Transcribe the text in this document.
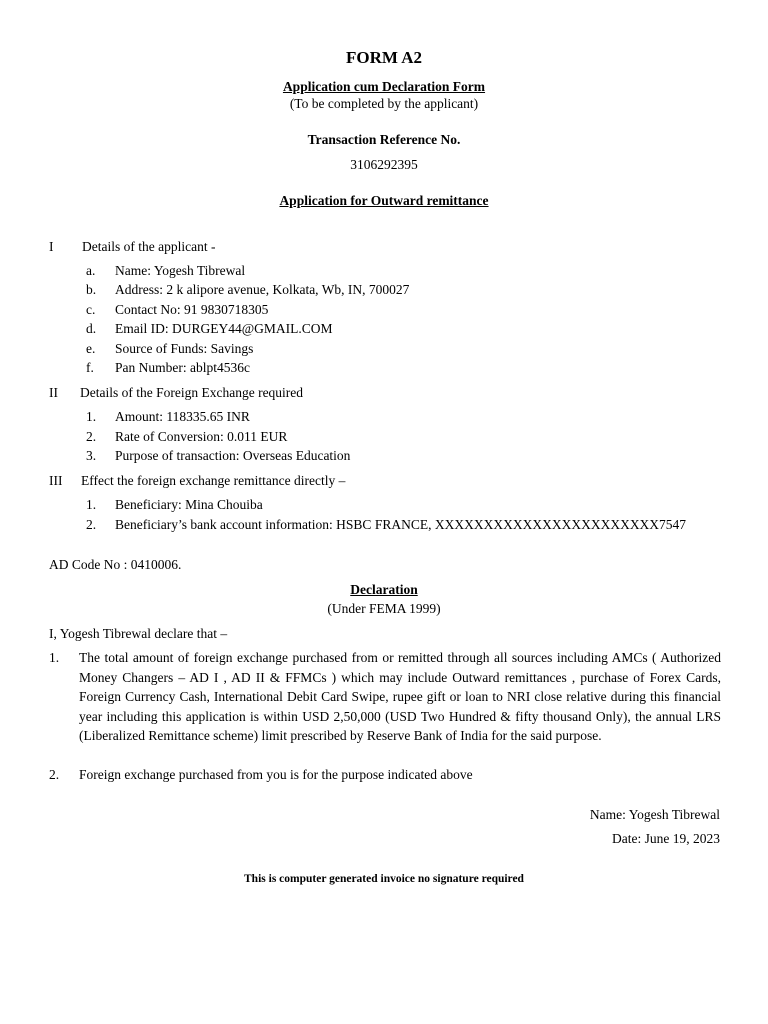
FORM A2
Application cum Declaration Form
(To be completed by the applicant)
Transaction Reference No.
3106292395
Application for Outward remittance
I Details of the applicant -
a. Name: Yogesh Tibrewal
b. Address: 2 k alipore avenue, Kolkata, Wb, IN, 700027
c. Contact No: 91 9830718305
d. Email ID: DURGEY44@GMAIL.COM
e. Source of Funds: Savings
f. Pan Number: ablpt4536c
II Details of the Foreign Exchange required
1. Amount: 118335.65 INR
2. Rate of Conversion: 0.011 EUR
3. Purpose of transaction: Overseas Education
III Effect the foreign exchange remittance directly –
1. Beneficiary: Mina Chouiba
2. Beneficiary’s bank account information: HSBC FRANCE, XXXXXXXXXXXXXXXXXXXXXXX7547
AD Code No : 0410006.
Declaration
(Under FEMA 1999)
I, Yogesh Tibrewal declare that –
1. The total amount of foreign exchange purchased from or remitted through all sources including AMCs ( Authorized Money Changers – AD I , AD II & FFMCs ) which may include Outward remittances , purchase of Forex Cards, Foreign Currency Cash, International Debit Card Swipe, rupee gift or loan to NRI close relative during this financial year including this application is within USD 2,50,000 (USD Two Hundred & fifty thousand Only), the annual LRS (Liberalized Remittance scheme) limit prescribed by Reserve Bank of India for the said purpose.
2. Foreign exchange purchased from you is for the purpose indicated above
Name: Yogesh Tibrewal
Date: June 19, 2023
This is computer generated invoice no signature required
